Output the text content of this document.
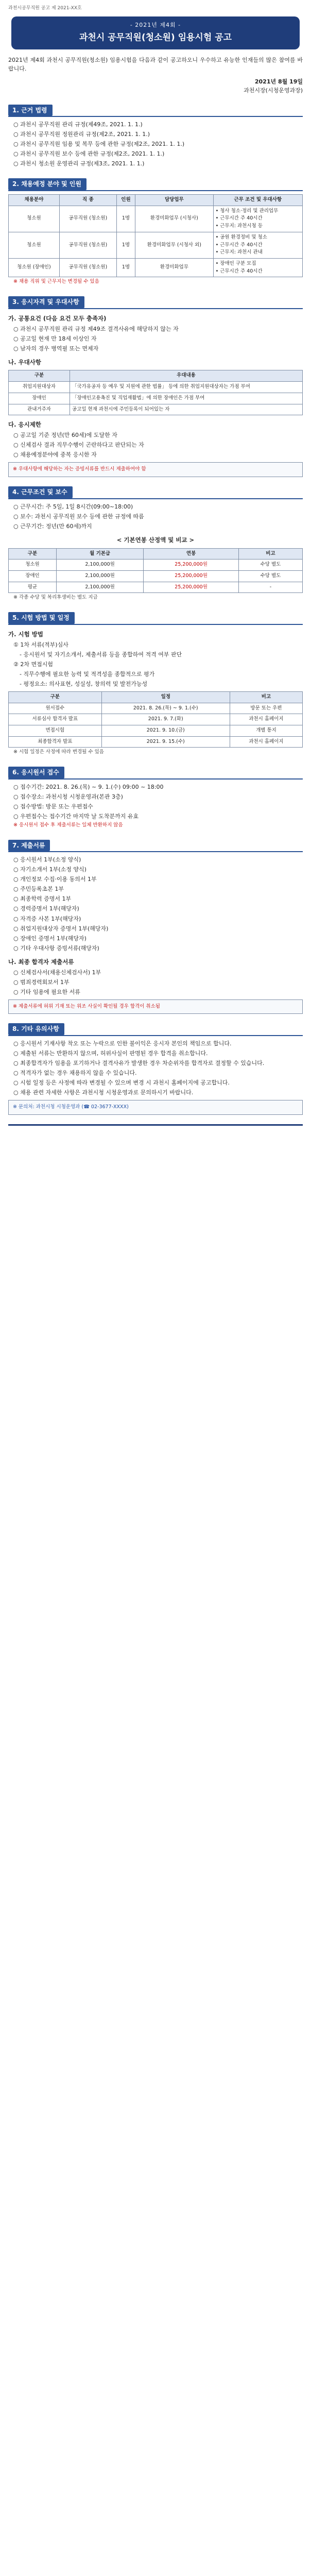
과천시공무직원 공고 제 2021-XX호
- 2021년 제4회 -
과천시 공무직원(청소원) 임용시험 공고
2021년 제4회 과천시 공무직원(청소원) 임용시험을 다음과 같이 공고하오니 우수하고 유능한 인재들의 많은 참여를 바랍니다.
2021년 8월 19일
과천시장(시청운영과장)
1. 근거 법령
○ 과천시 공무직원 관리 규정(제49조, 2021. 1. 1.)
○ 과천시 공무직원 정원관리 규정(제2조, 2021. 1. 1.)
○ 과천시 공무직원 임용 및 복무 등에 관한 규정(제2조, 2021. 1. 1.)
○ 과천시 공무직원 보수 등에 관한 규정(제2조, 2021. 1. 1.)
○ 과천시 청소원 운영관리 규정(제3조, 2021. 1. 1.)
2. 채용예정 분야 및 인원
채용분야	직 종	인원	담당업무	근무 조건 및 우대사항
청소원	공무직원 (청소원)	1명	환경미화업무 (시청사)	• 청사 청소·정리 및 관리업무
• 근무시간 주 40시간
• 근무지: 과천시청 등
청소원	공무직원 (청소원)	1명	환경미화업무 (시청사 외)	• 공원 환경정비 및 청소
• 근무시간 주 40시간
• 근무지: 과천시 관내
청소원 (장애인)	공무직원 (청소원)	1명	환경미화업무	• 장애인 구분 모집
• 근무시간 주 40시간
※ 채용 직위 및 근무지는 변경될 수 있음
3. 응시자격 및 우대사항
가. 공통요건 (다음 요건 모두 충족자)
○ 과천시 공무직원 관리 규정 제49조 결격사유에 해당하지 않는 자
○ 공고일 현재 만 18세 이상인 자
○ 남자의 경우 병역필 또는 면제자
나. 우대사항
구분	우대내용
취업지원대상자	「국가유공자 등 예우 및 지원에 관한 법률」 등에 의한 취업지원대상자는 가점 부여
장애인	「장애인고용촉진 및 직업재활법」에 의한 장애인은 가점 부여
관내거주자	공고일 현재 과천시에 주민등록이 되어있는 자
다. 응시제한
○ 공고일 기준 정년(만 60세)에 도달한 자
○ 신체검사 결과 직무수행이 곤란하다고 판단되는 자
○ 채용예정분야에 중복 응시한 자
※ 우대사항에 해당하는 자는 증빙서류를 반드시 제출하여야 함
4. 근무조건 및 보수
○ 근무시간: 주 5일, 1일 8시간(09:00~18:00)
○ 보수: 과천시 공무직원 보수 등에 관한 규정에 따름
○ 근무기간: 정년(만 60세)까지
< 기본연봉 산정액 및 비교 >
구분	월 기본급	연봉	비고
청소원	2,100,000원	25,200,000원	수당 별도
장애인	2,100,000원	25,200,000원	수당 별도
평균	2,100,000원	25,200,000원	-
※ 각종 수당 및 복리후생비는 별도 지급
5. 시험 방법 및 일정
가. 시험 방법
① 1차 서류(적부)심사
- 응시원서 및 자기소개서, 제출서류 등을 종합하여 적격 여부 판단
② 2차 면접시험
- 직무수행에 필요한 능력 및 적격성을 종합적으로 평가
- 평정요소: 의사표현, 성실성, 창의력 및 발전가능성
구분	일정	비고
원서접수	2021. 8. 26.(목) ~ 9. 1.(수)	방문 또는 우편
서류심사 합격자 발표	2021. 9. 7.(화)	과천시 홈페이지
면접시험	2021. 9. 10.(금)	개별 통지
최종합격자 발표	2021. 9. 15.(수)	과천시 홈페이지
※ 시험 일정은 사정에 따라 변경될 수 있음
6. 응시원서 접수
○ 접수기간: 2021. 8. 26.(목) ~ 9. 1.(수) 09:00 ~ 18:00
○ 접수장소: 과천시청 시청운영과(본관 3층)
○ 접수방법: 방문 또는 우편접수
○ 우편접수는 접수기간 마지막 날 도착분까지 유효
※ 응시원서 접수 후 제출서류는 일체 반환하지 않음
7. 제출서류
○ 응시원서 1부(소정 양식)
○ 자기소개서 1부(소정 양식)
○ 개인정보 수집·이용 동의서 1부
○ 주민등록초본 1부
○ 최종학력 증명서 1부
○ 경력증명서 1부(해당자)
○ 자격증 사본 1부(해당자)
○ 취업지원대상자 증명서 1부(해당자)
○ 장애인 증명서 1부(해당자)
○ 기타 우대사항 증빙서류(해당자)
나. 최종 합격자 제출서류
○ 신체검사서(채용신체검사서) 1부
○ 범죄경력회보서 1부
○ 기타 임용에 필요한 서류
※ 제출서류에 허위 기재 또는 위조 사실이 확인될 경우 합격이 취소됨
8. 기타 유의사항
○ 응시원서 기재사항 착오 또는 누락으로 인한 불이익은 응시자 본인의 책임으로 합니다.
○ 제출된 서류는 반환하지 않으며, 허위사실이 판명된 경우 합격을 취소합니다.
○ 최종합격자가 임용을 포기하거나 결격사유가 발생한 경우 차순위자를 합격자로 결정할 수 있습니다.
○ 적격자가 없는 경우 채용하지 않을 수 있습니다.
○ 시험 일정 등은 사정에 따라 변경될 수 있으며 변경 시 과천시 홈페이지에 공고합니다.
○ 채용 관련 자세한 사항은 과천시청 시청운영과로 문의하시기 바랍니다.
※ 문의처: 과천시청 시청운영과 (☎ 02-3677-XXXX)
